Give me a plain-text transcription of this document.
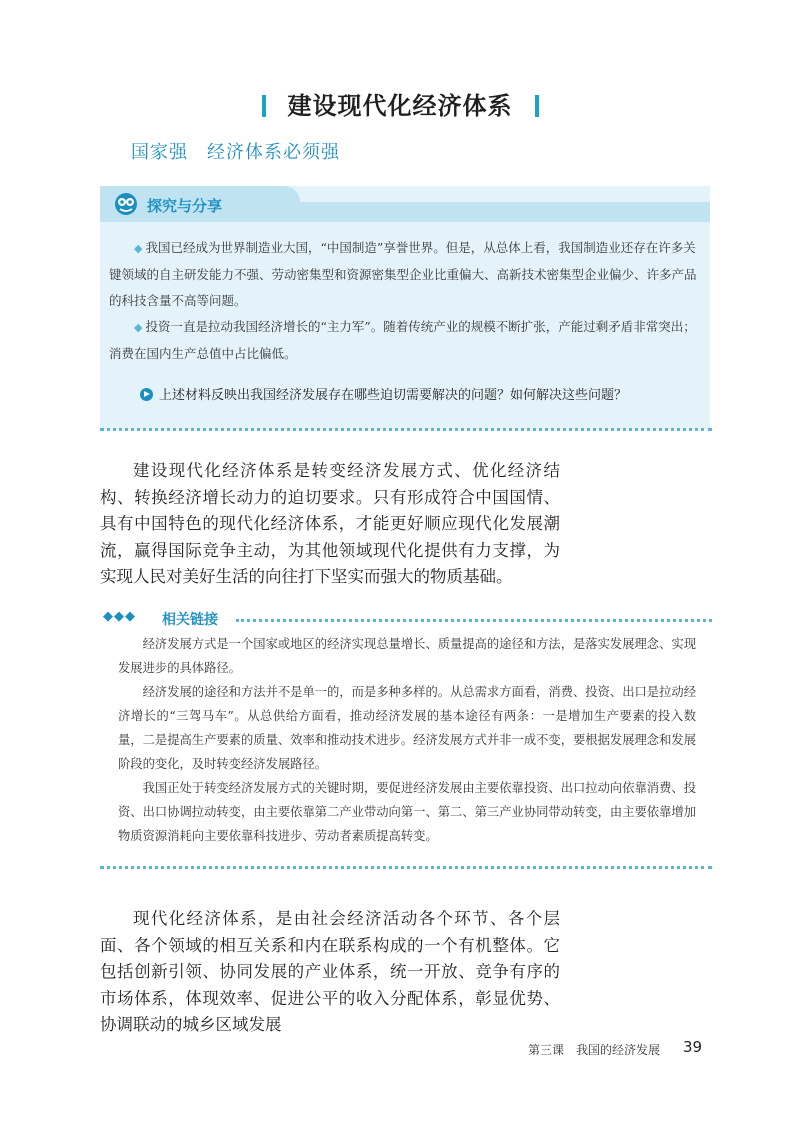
建设现代化经济体系
国家强　经济体系必须强
探究与分享

◆ 我国已经成为世界制造业大国，“中国制造”享誉世界。但是，从总体上看，我国制造业还存在许多关键领域的自主研发能力不强、劳动密集型和资源密集型企业比重偏大、高新技术密集型企业偏少、许多产品的科技含量不高等问题。

◆ 投资一直是拉动我国经济增长的“主力军”。随着传统产业的规模不断扩张，产能过剩矛盾非常突出；消费在国内生产总值中占比偏低。

上述材料反映出我国经济发展存在哪些迫切需要解决的问题？如何解决这些问题？

建设现代化经济体系是转变经济发展方式、优化经济结构、转换经济增长动力的迫切要求。只有形成符合中国国情、具有中国特色的现代化经济体系，才能更好顺应现代化发展潮流，赢得国际竞争主动，为其他领域现代化提供有力支撑，为实现人民对美好生活的向往打下坚实而强大的物质基础。

◆◆◆ 相关链接

经济发展方式是一个国家或地区的经济实现总量增长、质量提高的途径和方法，是落实发展理念、实现发展进步的具体路径。

经济发展的途径和方法并不是单一的，而是多种多样的。从总需求方面看，消费、投资、出口是拉动经济增长的“三驾马车”。从总供给方面看，推动经济发展的基本途径有两条：一是增加生产要素的投入数量，二是提高生产要素的质量、效率和推动技术进步。经济发展方式并非一成不变，要根据发展理念和发展阶段的变化，及时转变经济发展路径。

我国正处于转变经济发展方式的关键时期，要促进经济发展由主要依靠投资、出口拉动向依靠消费、投资、出口协调拉动转变，由主要依靠第二产业带动向第一、第二、第三产业协同带动转变，由主要依靠增加物质资源消耗向主要依靠科技进步、劳动者素质提高转变。

现代化经济体系，是由社会经济活动各个环节、各个层面、各个领域的相互关系和内在联系构成的一个有机整体。它包括创新引领、协同发展的产业体系，统一开放、竞争有序的市场体系，体现效率、促进公平的收入分配体系，彰显优势、协调联动的城乡区域发展

第三课　我国的经济发展	39
